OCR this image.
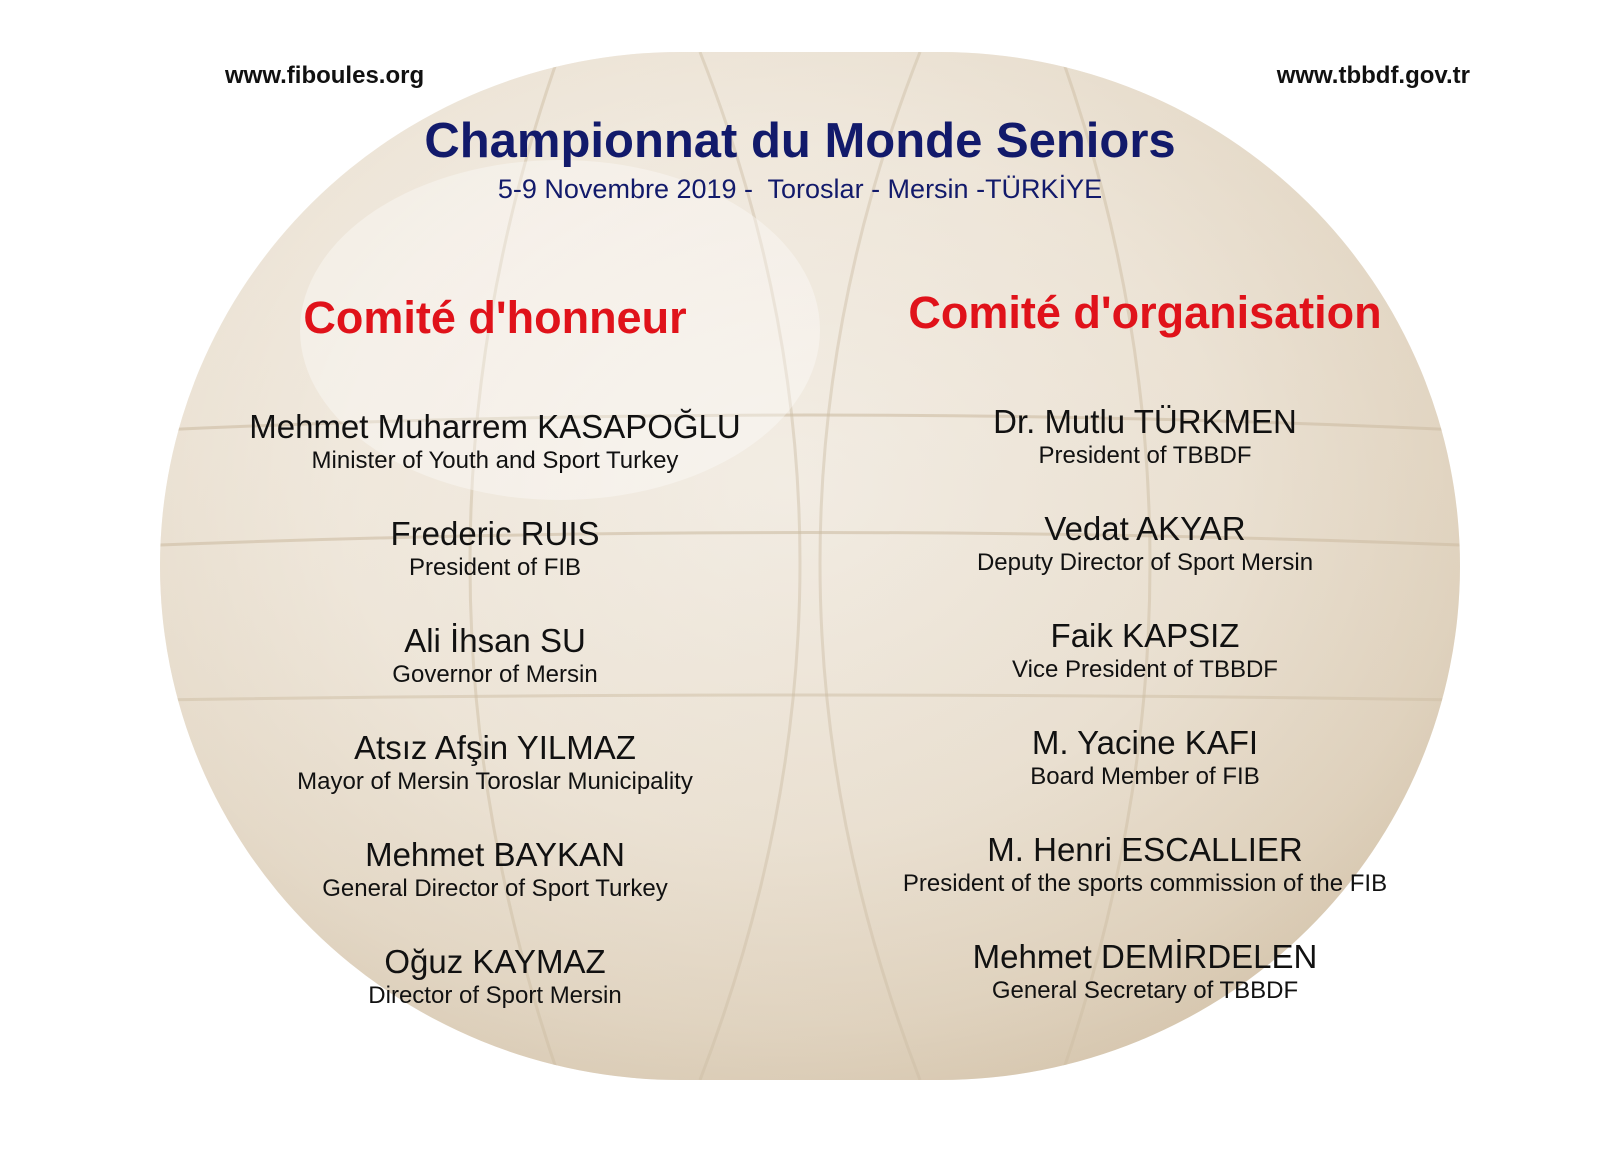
www.fiboules.org	www.tbbdf.gov.tr
Championnat du Monde Seniors
5-9 Novembre 2019 -  Toroslar - Mersin -TÜRKİYE
Comité d'honneur
Mehmet Muharrem KASAPOĞLU
Minister of Youth and Sport Turkey
Frederic RUIS
President of FIB
Ali İhsan SU
Governor of Mersin
Atsız Afşin YILMAZ
Mayor of Mersin Toroslar Municipality
Mehmet BAYKAN
General Director of Sport Turkey
Oğuz KAYMAZ
Director of Sport Mersin
Comité d'organisation
Dr. Mutlu TÜRKMEN
President of TBBDF
Vedat AKYAR
Deputy Director of Sport Mersin
Faik KAPSIZ
Vice President of TBBDF
M. Yacine KAFI
Board Member of FIB
M. Henri ESCALLIER
President of the sports commission of the FIB
Mehmet DEMİRDELEN
General Secretary of TBBDF
